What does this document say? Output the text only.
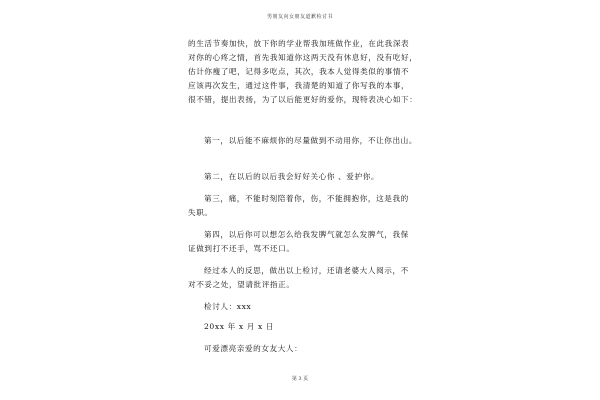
男朋友向女朋友道歉检讨书
的生活节奏加快，放下你的学业帮我加班做作业，在此我深表
对你的心疼之情，首先我知道你这两天没有休息好，没有吃好，
估计你瘦了吧，记得多吃点，其次，我本人觉得类似的事情不
应该再次发生，通过这件事，我清楚的知道了你写我的本事，
很不错，提出表扬，为了以后能更好的爱你，现特表决心如下：
第一，以后能不麻烦你的尽量做到不动用你，不让你出山。
第二，在以后的以后我会好好关心你 、爱护你。
第三，痛，不能时刻陪着你，伤，不能拥抱你，这是我的
失职。
第四，以后你可以想怎么给我发脾气就怎么发脾气，我保
证做到打不还手，骂不还口。
经过本人的反思，做出以上检讨，还请老婆大人阅示，不
对不妥之处，望请批评指正。
检讨人：xxx
20xx 年 x 月 x 日
可爱漂亮亲爱的女友大人：
第 3 页
